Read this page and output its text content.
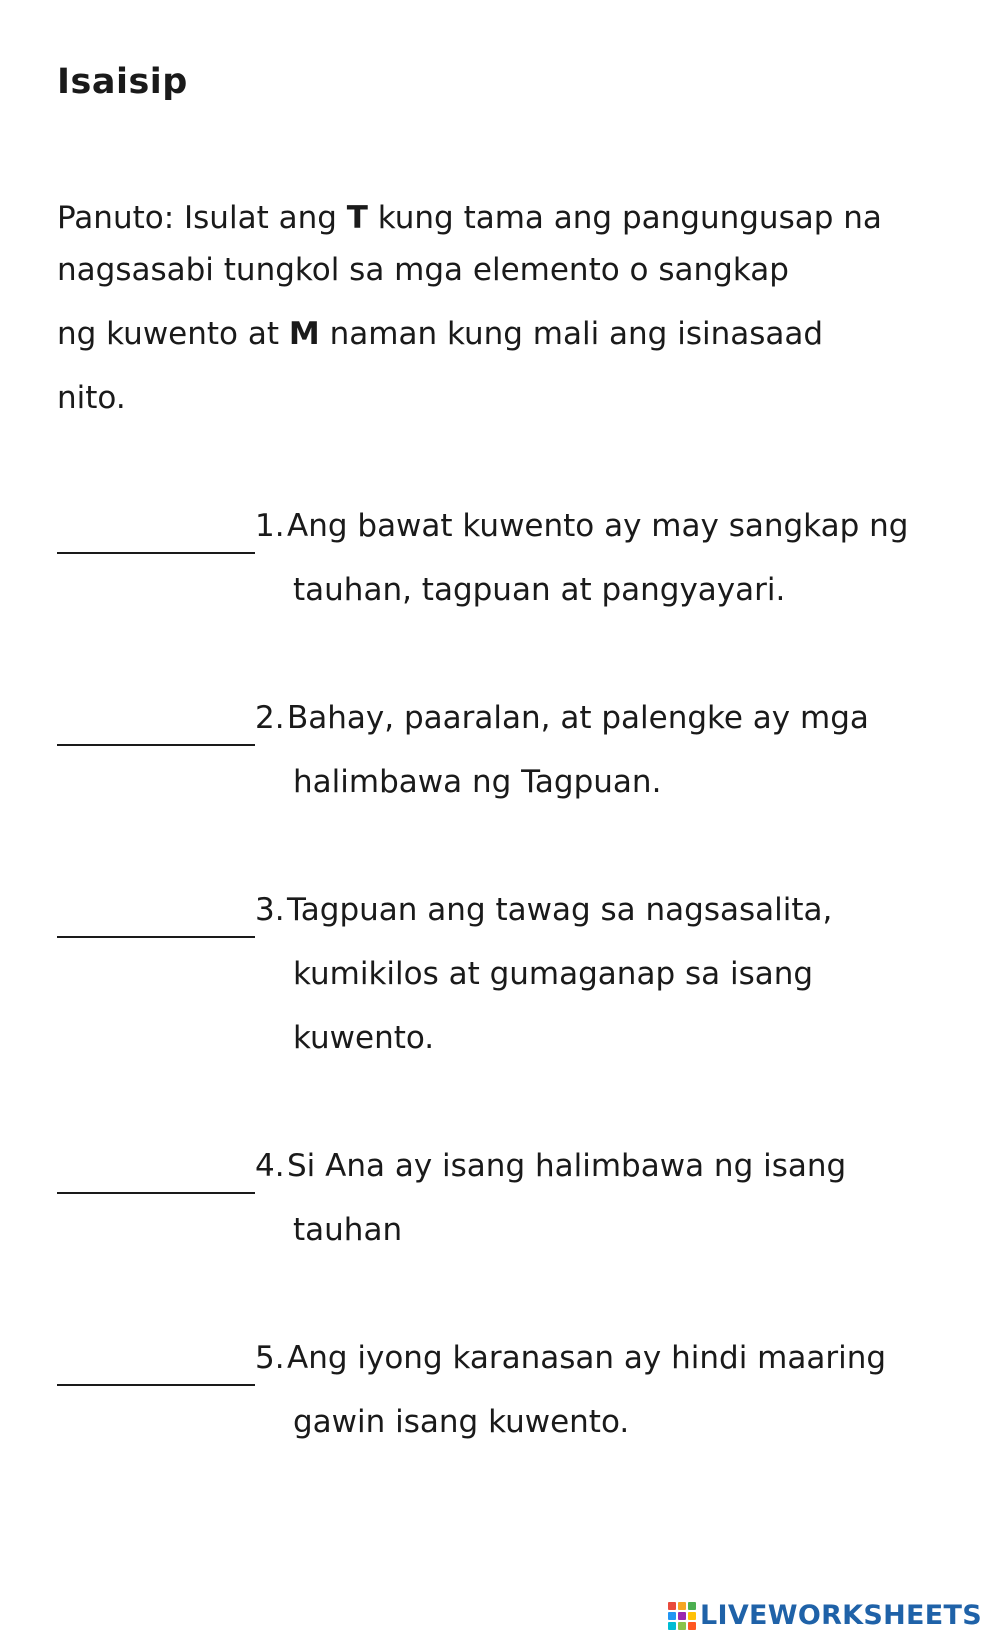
Isaisip
Panuto: Isulat ang T kung tama ang pangungusap na
nagsasabi tungkol sa mga elemento o sangkap
ng kuwento at M naman kung mali ang isinasaad
nito.
1. Ang bawat kuwento ay may sangkap ng
tauhan, tagpuan at pangyayari.
2. Bahay, paaralan, at palengke ay mga
halimbawa ng Tagpuan.
3. Tagpuan ang tawag sa nagsasalita,
kumikilos at gumaganap sa isang
kuwento.
4. Si Ana ay isang halimbawa ng isang
tauhan
5. Ang iyong karanasan ay hindi maaring
gawin isang kuwento.
LIVEWORKSHEETS
